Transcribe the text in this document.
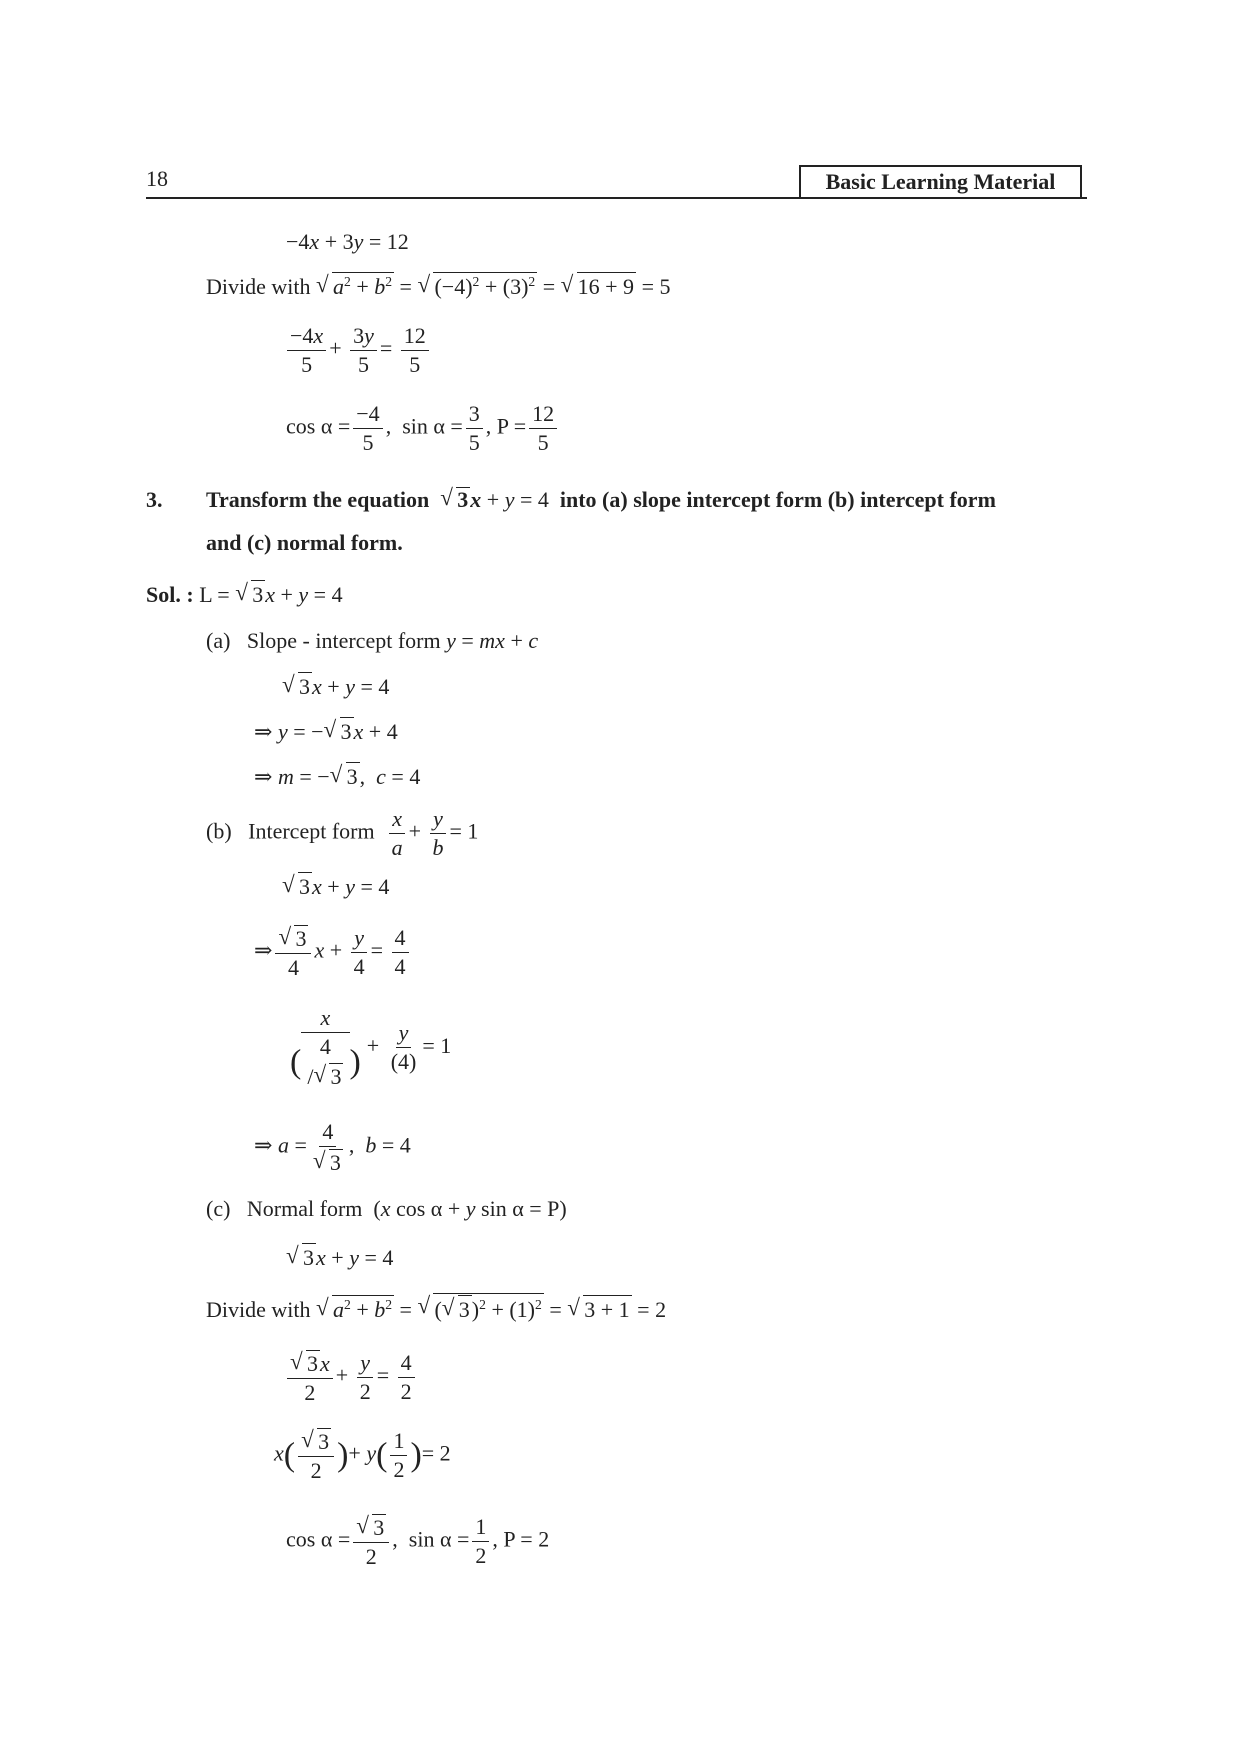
18	Basic Learning Material
−4x + 3y = 12
Divide with √ $a^2 + b^2$ = √ $(-4)^2 + (3)^2$ = √ 16 + 9 = 5
$\frac{-4x}{5} + \frac{3y}{5} = \frac{12}{5}$
$\cos \alpha = \frac{-4}{5}$ ,  $\sin \alpha = \frac{3}{5}$ , $P = \frac{12}{5}$
3. Transform the equation √ 3x + y = 4 into (a) slope intercept form (b) intercept form
and (c) normal form.
Sol. : L = √ 3x + y = 4
(a) Slope - intercept form y = mx + c
√ 3x + y = 4
⇒ y = − √ 3x + 4
⇒ m = − √ 3,  c = 4
(b) Intercept form $\frac{x}{a} + \frac{y}{b} = 1$
√ 3x + y = 4
⇒ √ $\frac{3}{4}$ $x + \frac{y}{4} = \frac{4}{4}$
x
( 4
/ √ 3 ) + $\frac{y}{(4)} = 1$
⇒ a = 4
√ 3 ,  b = 4
(c) Normal form  (x cos α + y sin α = P)
√ 3x + y = 4
Divide with √ $a^2 + b^2$ = √ ( √ $3)^2 + (1)^2$ = √ 3 + 1 = 2
√ $\frac{3x}{2} + \frac{y}{2} = \frac{4}{2}$
x( √ $\frac{3}{2}$ )+ $y( \frac{1}{2}$ )= 2
cos α = √ $\frac{3}{2}$ ,  $\sin \alpha = \frac{1}{2}$ , P = 2
